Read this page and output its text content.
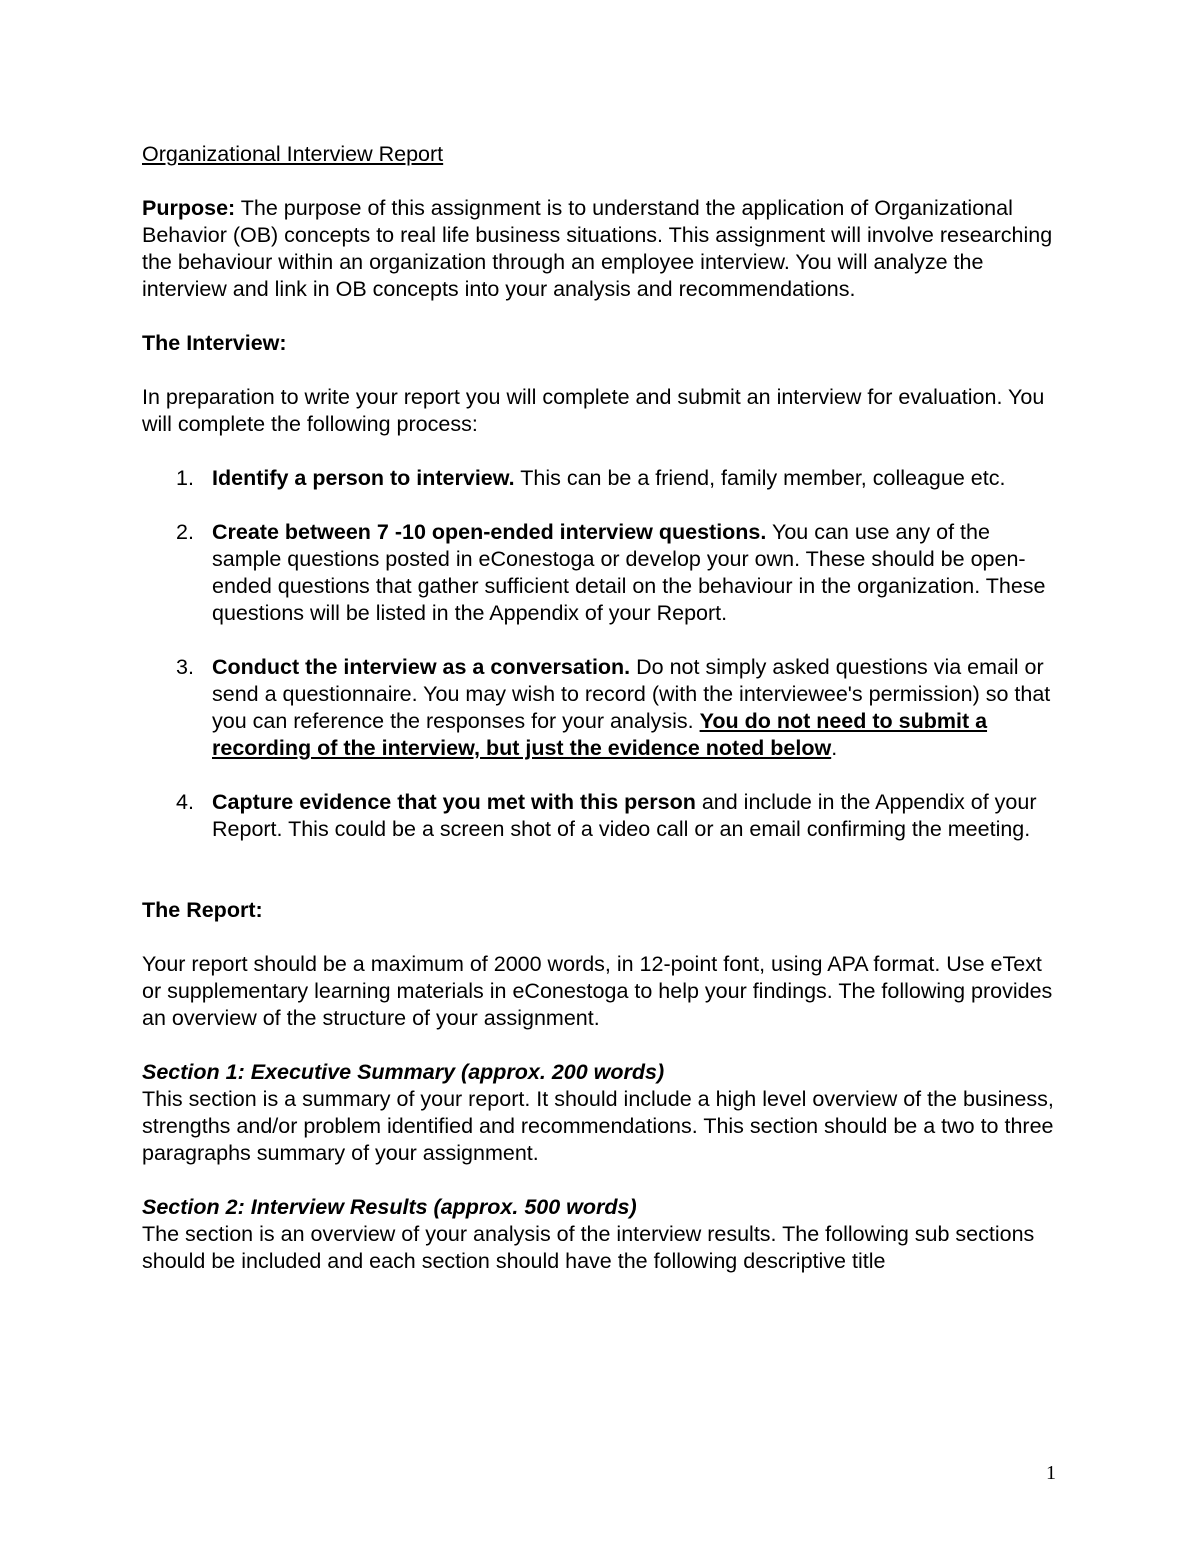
Organizational Interview Report

Purpose: The purpose of this assignment is to understand the application of Organizational Behavior (OB) concepts to real life business situations. This assignment will involve researching the behaviour within an organization through an employee interview. You will analyze the interview and link in OB concepts into your analysis and recommendations.

The Interview:

In preparation to write your report you will complete and submit an interview for evaluation. You will complete the following process:

1. Identify a person to interview. This can be a friend, family member, colleague etc.
2. Create between 7 -10 open-ended interview questions. You can use any of the sample questions posted in eConestoga or develop your own. These should be open-ended questions that gather sufficient detail on the behaviour in the organization. These questions will be listed in the Appendix of your Report.
3. Conduct the interview as a conversation. Do not simply asked questions via email or send a questionnaire. You may wish to record (with the interviewee's permission) so that you can reference the responses for your analysis. You do not need to submit a recording of the interview, but just the evidence noted below.
4. Capture evidence that you met with this person and include in the Appendix of your Report. This could be a screen shot of a video call or an email confirming the meeting.

The Report:

Your report should be a maximum of 2000 words, in 12-point font, using APA format. Use eText or supplementary learning materials in eConestoga to help your findings. The following provides an overview of the structure of your assignment.

Section 1: Executive Summary (approx. 200 words)

This section is a summary of your report. It should include a high level overview of the business, strengths and/or problem identified and recommendations. This section should be a two to three paragraphs summary of your assignment.

Section 2: Interview Results (approx. 500 words)

The section is an overview of your analysis of the interview results. The following sub sections should be included and each section should have the following descriptive title

1
